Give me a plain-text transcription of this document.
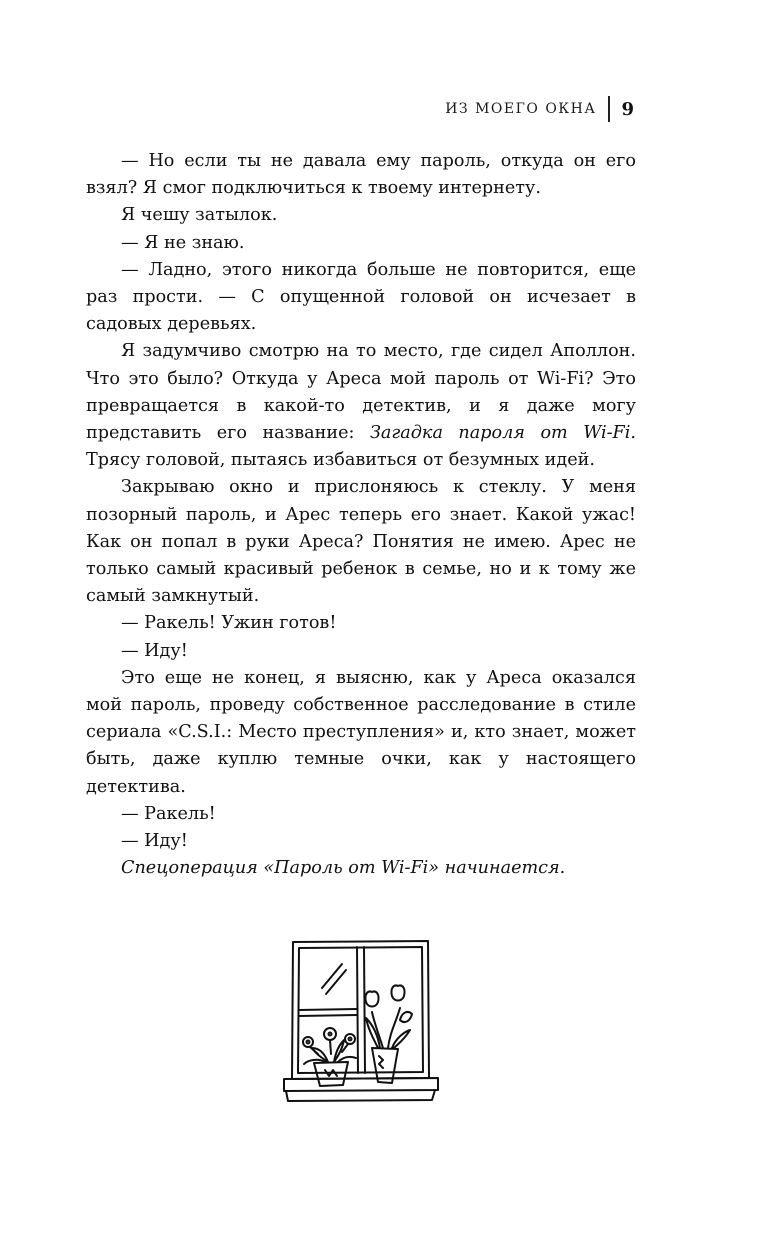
ИЗ МОЕГО ОКНА 9

— Но если ты не давала ему пароль, откуда он его взял? Я смог подключиться к твоему интернету.

Я чешу затылок.

— Я не знаю.

— Ладно, этого никогда больше не повторится, еще раз прости. — С опущенной головой он исчезает в садовых деревьях.

Я задумчиво смотрю на то место, где сидел Аполлон. Что это было? Откуда у Ареса мой пароль от Wi-Fi? Это превращается в какой-то детектив, и я даже могу представить его название: Загадка пароля от Wi-Fi. Трясу головой, пытаясь избавиться от безумных идей.

Закрываю окно и прислоняюсь к стеклу. У меня позорный пароль, и Арес теперь его знает. Какой ужас! Как он попал в руки Ареса? Понятия не имею. Арес не только самый красивый ребенок в семье, но и к тому же самый замкнутый.

— Ракель! Ужин готов!

— Иду!

Это еще не конец, я выясню, как у Ареса оказался мой пароль, проведу собственное расследование в стиле сериала «C.S.I.: Место преступления» и, кто знает, может быть, даже куплю темные очки, как у настоящего детектива.

— Ракель!

— Иду!

Спецоперация «Пароль от Wi-Fi» начинается.
